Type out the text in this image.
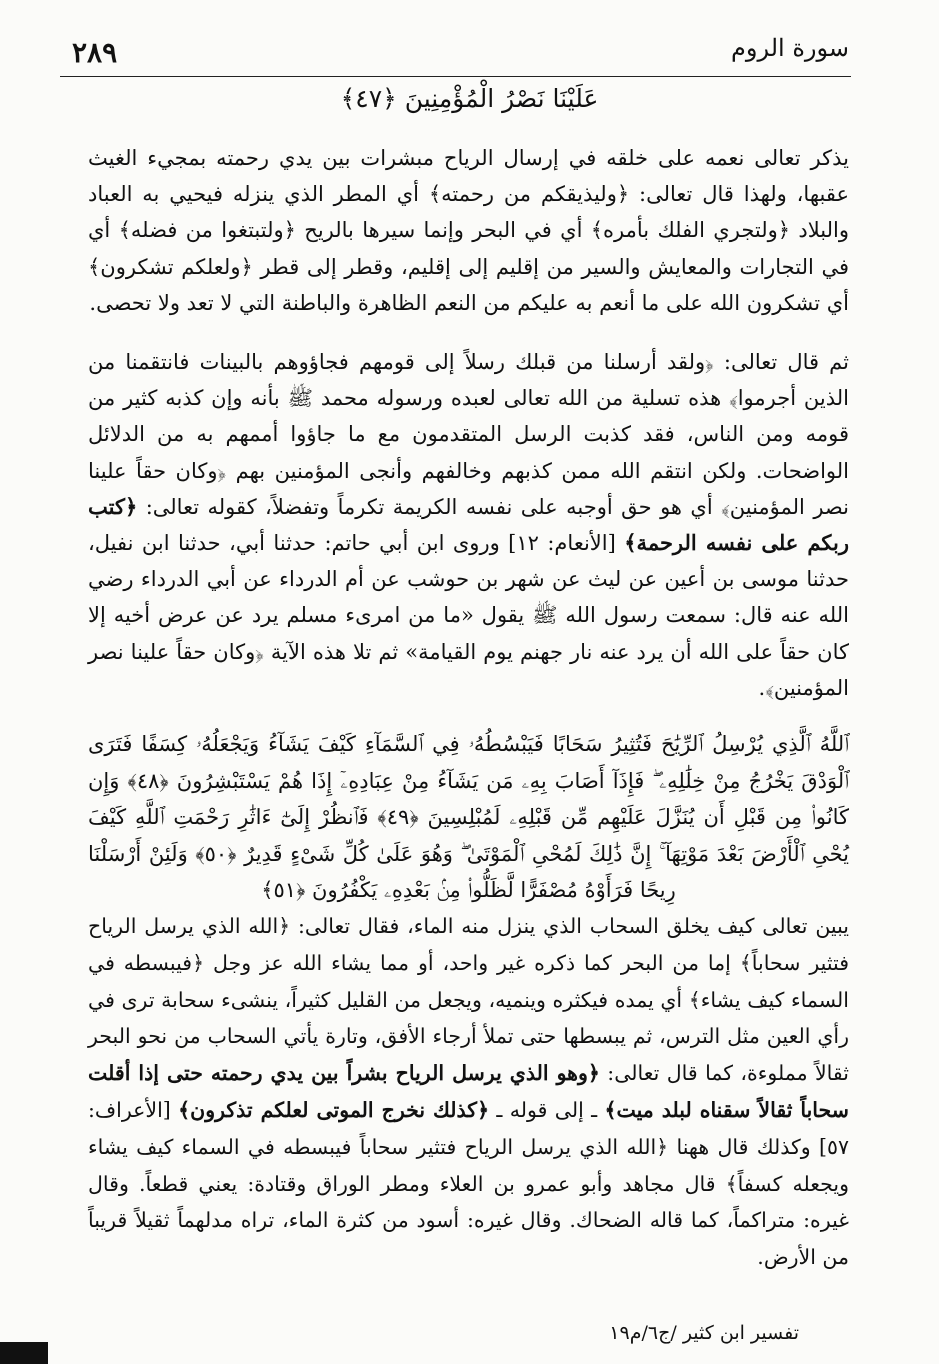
سورة الروم
٢٨٩
عَلَيْنَا نَصْرُ الْمُؤْمِنِينَ ﴿٤٧﴾

يذكر تعالى نعمه على خلقه في إرسال الرياح مبشرات بين يدي رحمته بمجيء الغيث عقبها، ولهذا قال تعالى: ﴿وليذيقكم من رحمته﴾ أي المطر الذي ينزله فيحيي به العباد والبلاد ﴿ولتجري الفلك بأمره﴾ أي في البحر وإنما سيرها بالريح ﴿ولتبتغوا من فضله﴾ أي في التجارات والمعايش والسير من إقليم إلى إقليم، وقطر إلى قطر ﴿ولعلكم تشكرون﴾ أي تشكرون الله على ما أنعم به عليكم من النعم الظاهرة والباطنة التي لا تعد ولا تحصى.

ثم قال تعالى: ﴿ولقد أرسلنا من قبلك رسلاً إلى قومهم فجاؤوهم بالبينات فانتقمنا من الذين أجرموا﴾ هذه تسلية من الله تعالى لعبده ورسوله محمد ﷺ بأنه وإن كذبه كثير من قومه ومن الناس، فقد كذبت الرسل المتقدمون مع ما جاؤوا أممهم به من الدلائل الواضحات. ولكن انتقم الله ممن كذبهم وخالفهم وأنجى المؤمنين بهم ﴿وكان حقاً علينا نصر المؤمنين﴾ أي هو حق أوجبه على نفسه الكريمة تكرماً وتفضلاً، كقوله تعالى: ﴿كتب ربكم على نفسه الرحمة﴾ [الأنعام: ١٢] وروى ابن أبي حاتم: حدثنا أبي، حدثنا ابن نفيل، حدثنا موسى بن أعين عن ليث عن شهر بن حوشب عن أم الدرداء عن أبي الدرداء رضي الله عنه قال: سمعت رسول الله ﷺ يقول «ما من امرىء مسلم يرد عن عرض أخيه إلا كان حقاً على الله أن يرد عنه نار جهنم يوم القيامة» ثم تلا هذه الآية ﴿وكان حقاً علينا نصر المؤمنين﴾.

ٱللَّهُ ٱلَّذِي يُرْسِلُ ٱلرِّيَٰحَ فَتُثِيرُ سَحَابًا فَيَبْسُطُهُۥ فِي ٱلسَّمَآءِ كَيْفَ يَشَآءُ وَيَجْعَلُهُۥ كِسَفًا فَتَرَى ٱلْوَدْقَ يَخْرُجُ مِنْ خِلَٰلِهِۦ ۖ فَإِذَآ أَصَابَ بِهِۦ مَن يَشَآءُ مِنْ عِبَادِهِۦٓ إِذَا هُمْ يَسْتَبْشِرُونَ ﴿٤٨﴾ وَإِن كَانُوا۟ مِن قَبْلِ أَن يُنَزَّلَ عَلَيْهِم مِّن قَبْلِهِۦ لَمُبْلِسِينَ ﴿٤٩﴾ فَٱنظُرْ إِلَىٰٓ ءَاثَٰرِ رَحْمَتِ ٱللَّهِ كَيْفَ يُحْىِ ٱلْأَرْضَ بَعْدَ مَوْتِهَآ ۚ إِنَّ ذَٰلِكَ لَمُحْىِ ٱلْمَوْتَىٰ ۖ وَهُوَ عَلَىٰ كُلِّ شَىْءٍ قَدِيرٌ ﴿٥٠﴾ وَلَئِنْ أَرْسَلْنَا رِيحًا فَرَأَوْهُ مُصْفَرًّا لَّظَلُّوا۟ مِنۢ بَعْدِهِۦ يَكْفُرُونَ ﴿٥١﴾

يبين تعالى كيف يخلق السحاب الذي ينزل منه الماء، فقال تعالى: ﴿الله الذي يرسل الرياح فتثير سحاباً﴾ إما من البحر كما ذكره غير واحد، أو مما يشاء الله عز وجل ﴿فيبسطه في السماء كيف يشاء﴾ أي يمده فيكثره وينميه، ويجعل من القليل كثيراً، ينشىء سحابة ترى في رأي العين مثل الترس، ثم يبسطها حتى تملأ أرجاء الأفق، وتارة يأتي السحاب من نحو البحر ثقالاً مملوءة، كما قال تعالى: ﴿وهو الذي يرسل الرياح بشراً بين يدي رحمته حتى إذا أقلت سحاباً ثقالاً سقناه لبلد ميت﴾ ـ إلى قوله ـ ﴿كذلك نخرج الموتى لعلكم تذكرون﴾ [الأعراف: ٥٧] وكذلك قال ههنا ﴿الله الذي يرسل الرياح فتثير سحاباً فيبسطه في السماء كيف يشاء ويجعله كسفاً﴾ قال مجاهد وأبو عمرو بن العلاء ومطر الوراق وقتادة: يعني قطعاً. وقال غيره: متراكماً، كما قاله الضحاك. وقال غيره: أسود من كثرة الماء، تراه مدلهماً ثقيلاً قريباً من الأرض.

تفسير ابن كثير /ج٦/م١٩
